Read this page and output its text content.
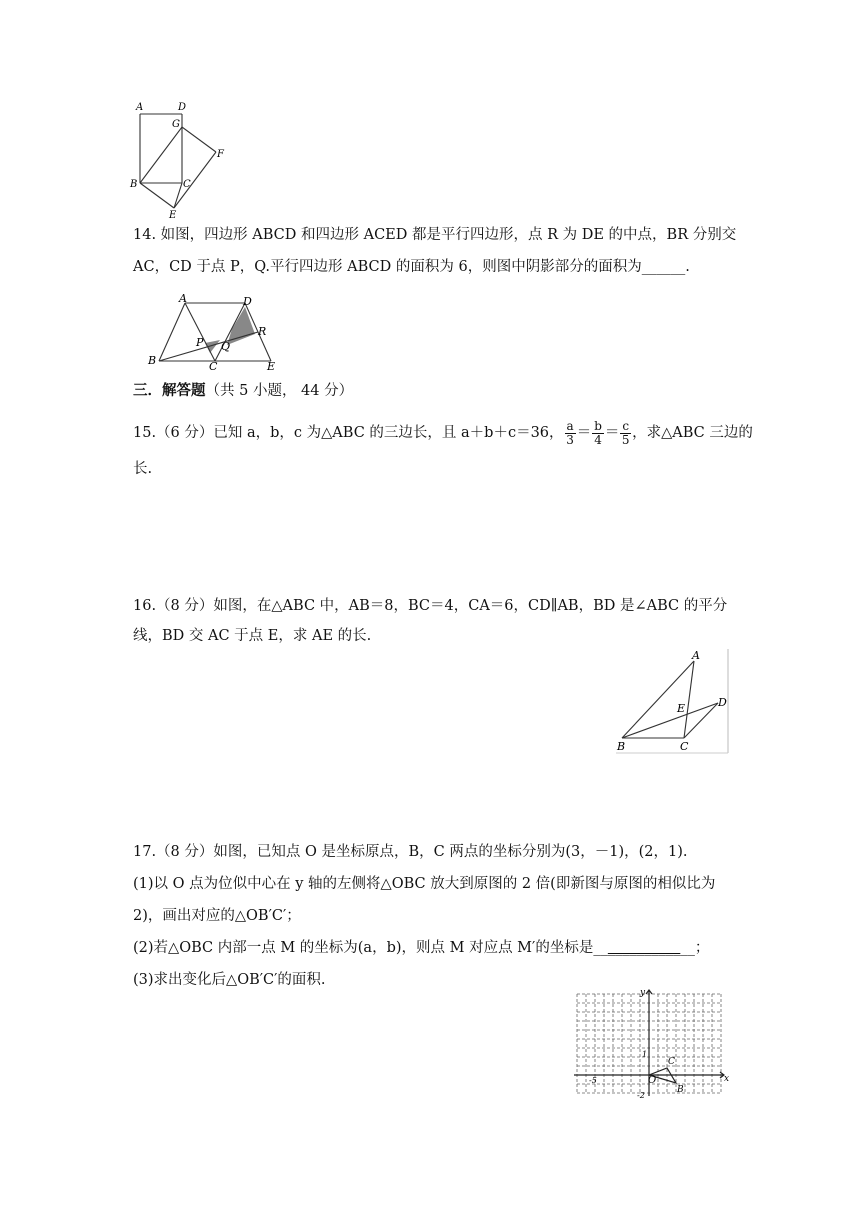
A	D
G
F
B	C
E
14. 如图，四边形 ABCD 和四边形 ACED 都是平行四边形，点 R 为 DE 的中点，BR 分别交
AC，CD 于点 P，Q.平行四边形 ABCD 的面积为 6，则图中阴影部分的面积为______.
A	D
R
P Q
B	C	E
三．解答题（共 5 小题， 44 分）
15.（6 分）已知 a，b，c 为△ABC 的三边长，且 a＋b＋c＝36， $\frac{a}{3} = \frac{b}{4} = \frac{c}{5}$ ，求△ABC 三边的
长.
16.（8 分）如图，在△ABC 中，AB＝8，BC＝4，CA＝6，CD∥AB，BD 是∠ABC 的平分
线，BD 交 AC 于点 E，求 AE 的长.
A
E	D
B	C
17.（8 分）如图，已知点 O 是坐标原点，B，C 两点的坐标分别为(3，－1)，(2，1).
(1)以 O 点为位似中心在 y 轴的左侧将△OBC 放大到原图的 2 倍(即新图与原图的相似比为
2)，画出对应的△OB′C′；
(2)若△OBC 内部一点 M 的坐标为(a，b)，则点 M 对应点 M′的坐标是______________；
(3)求出变化后△OB′C′的面积.
y
x
O
C
B
1
-5
-2
